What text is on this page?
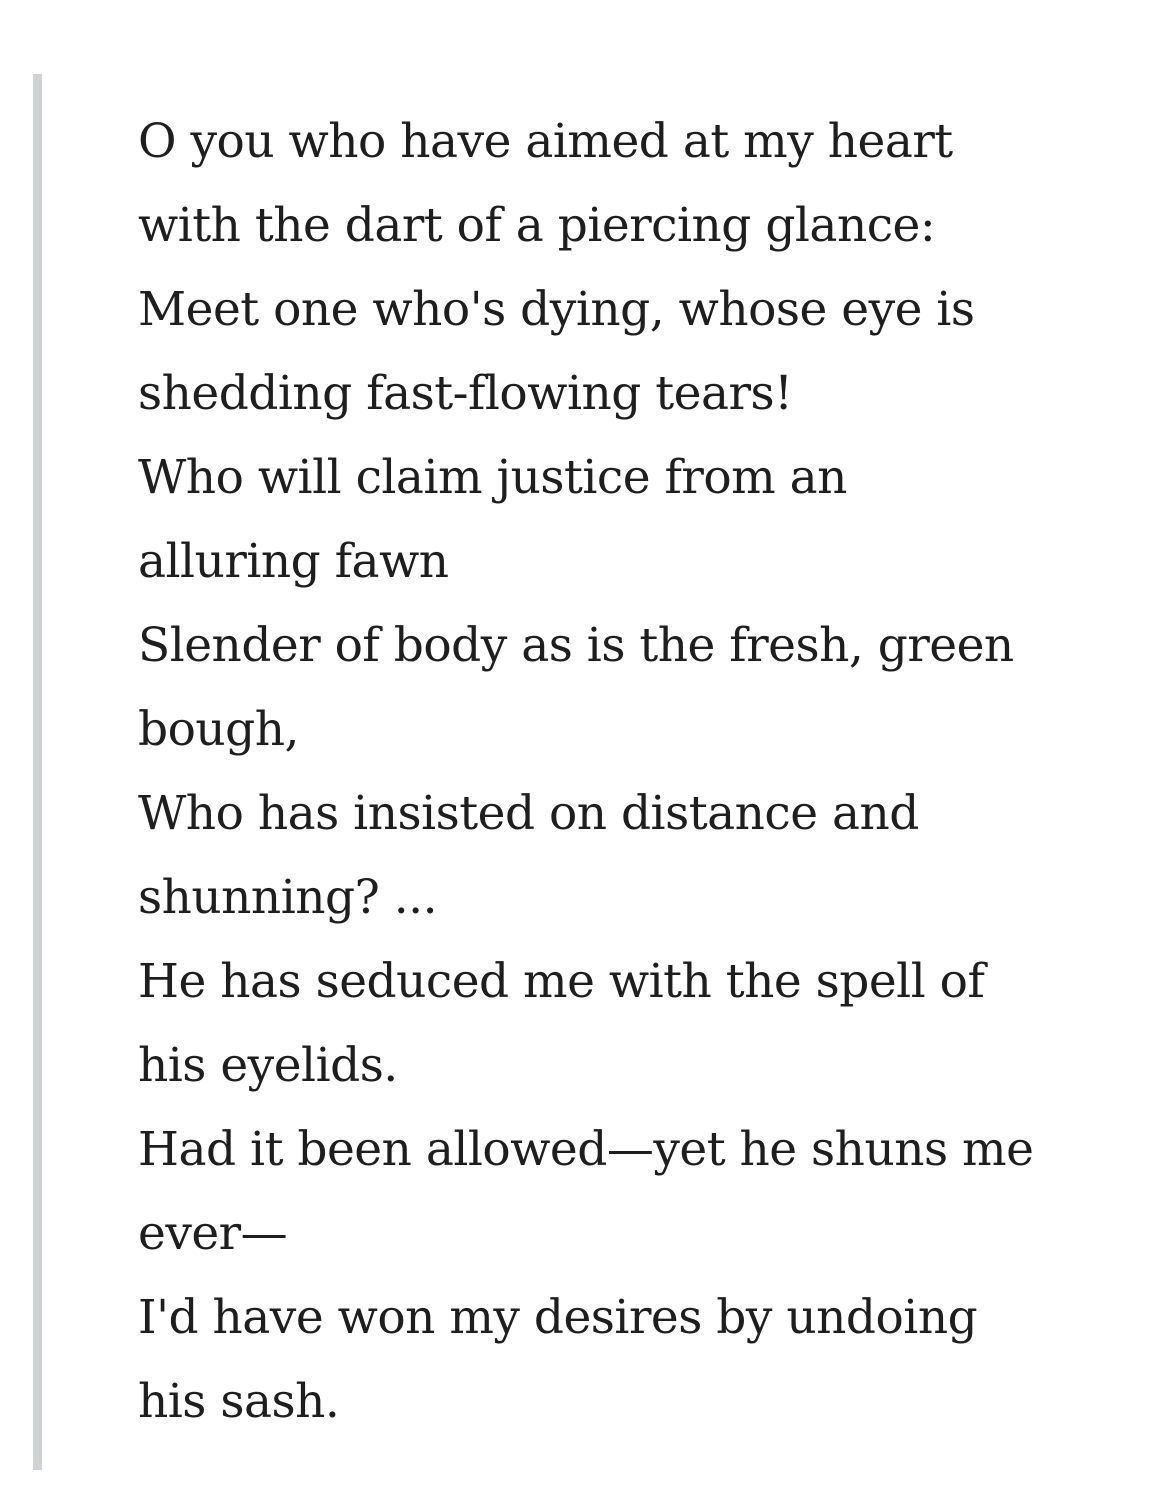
O you who have aimed at my heart
with the dart of a piercing glance:
Meet one who's dying, whose eye is
shedding fast-flowing tears!
Who will claim justice from an
alluring fawn
Slender of body as is the fresh, green
bough,
Who has insisted on distance and
shunning? ...
He has seduced me with the spell of
his eyelids.
Had it been allowed—yet he shuns me
ever—
I'd have won my desires by undoing
his sash.
